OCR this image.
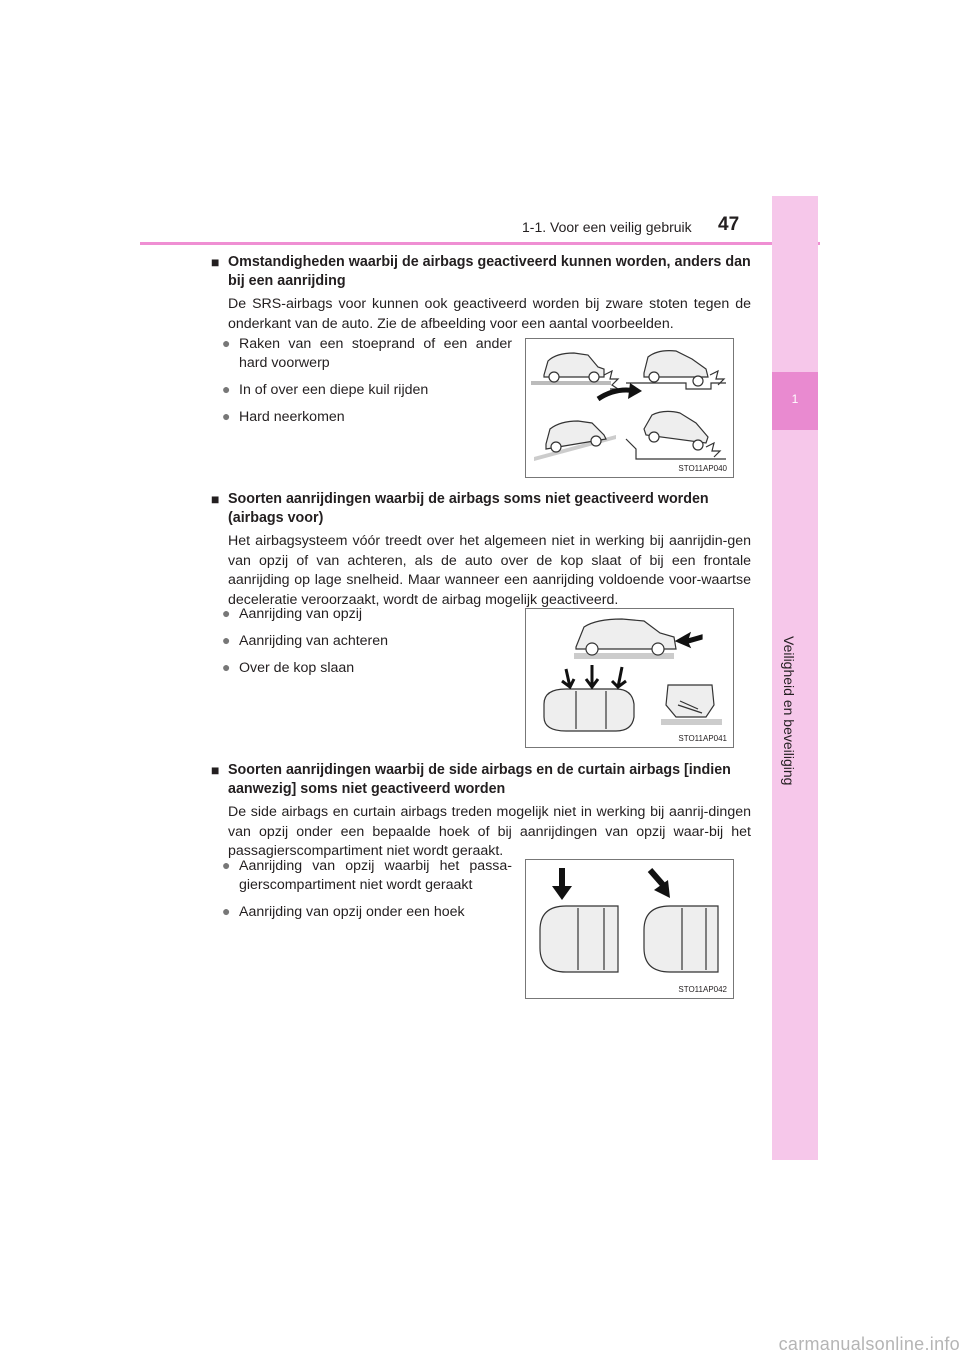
1-1. Voor een veilig gebruik 47
1
Veiligheid en beveiliging
■ Omstandigheden waarbij de airbags geactiveerd kunnen worden, anders dan bij een aanrijding
De SRS-airbags voor kunnen ook geactiveerd worden bij zware stoten tegen de onderkant van de auto. Zie de afbeelding voor een aantal voorbeelden.
● Raken van een stoeprand of een ander hard voorwerp
● In of over een diepe kuil rijden
● Hard neerkomen
STO11AP040
■ Soorten aanrijdingen waarbij de airbags soms niet geactiveerd worden (airbags voor)
Het airbagsysteem vóór treedt over het algemeen niet in werking bij aanrijdin-gen van opzij of van achteren, als de auto over de kop slaat of bij een frontale aanrijding op lage snelheid. Maar wanneer een aanrijding voldoende voor-waartse deceleratie veroorzaakt, wordt de airbag mogelijk geactiveerd.
● Aanrijding van opzij
● Aanrijding van achteren
● Over de kop slaan
STO11AP041
■ Soorten aanrijdingen waarbij de side airbags en de curtain airbags [indien aanwezig] soms niet geactiveerd worden
De side airbags en curtain airbags treden mogelijk niet in werking bij aanrij-dingen van opzij onder een bepaalde hoek of bij aanrijdingen van opzij waar-bij het passagierscompartiment niet wordt geraakt.
● Aanrijding van opzij waarbij het passa-gierscompartiment niet wordt geraakt
● Aanrijding van opzij onder een hoek
STO11AP042
carmanualsonline.info
